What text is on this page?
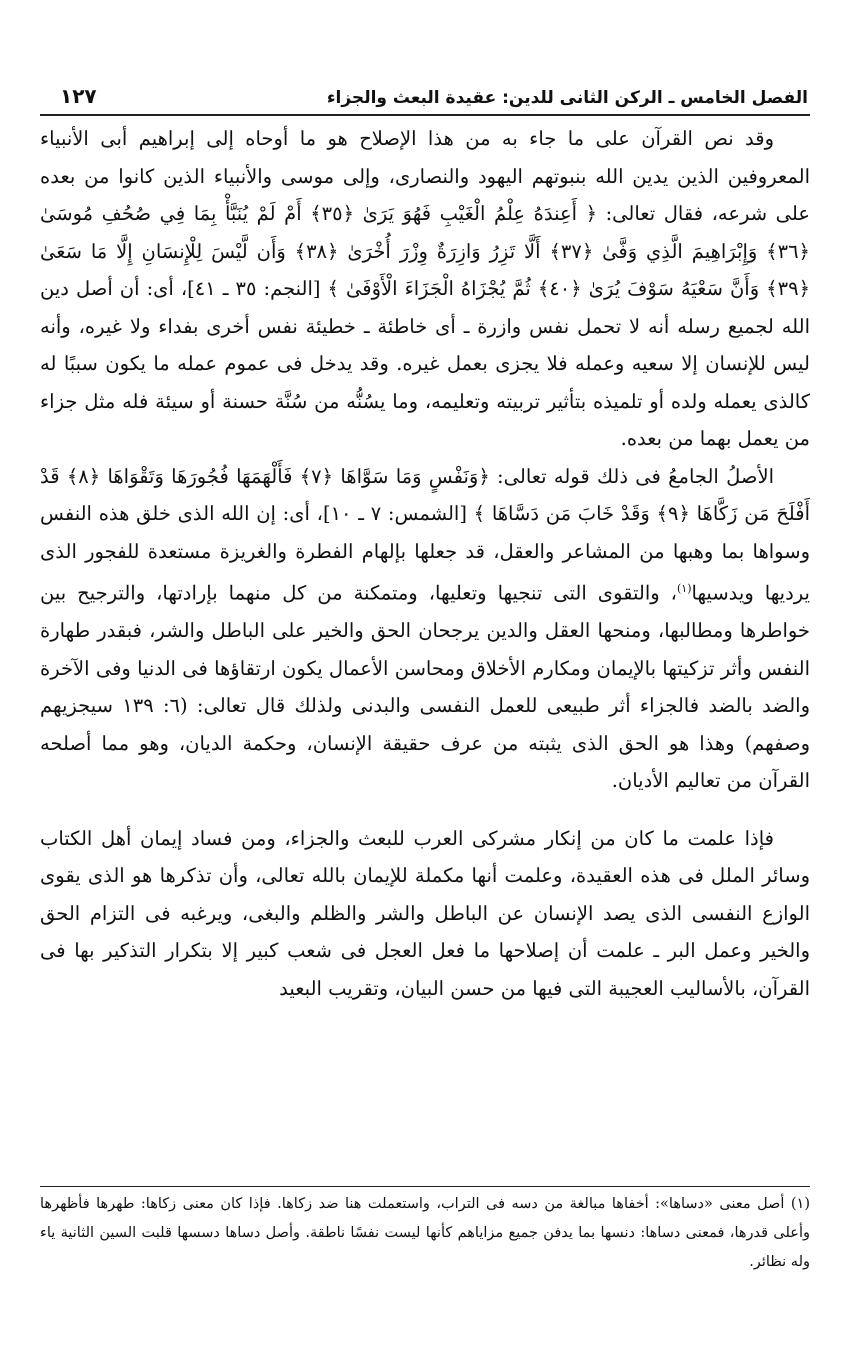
الفصل الخامس ـ الركن الثانى للدين: عقيدة البعث والجزاء
١٢٧

وقد نص القرآن على ما جاء به من هذا الإصلاح هو ما أوحاه إلى إبراهيم أبى الأنبياء المعروفين الذين يدين الله بنبوتهم اليهود والنصارى، وإلى موسى والأنبياء الذين كانوا من بعده على شرعه، فقال تعالى: ﴿ أَعِندَهُ عِلْمُ الْغَيْبِ فَهُوَ يَرَىٰ ﴿٣٥﴾ أَمْ لَمْ يُنَبَّأْ بِمَا فِي صُحُفِ مُوسَىٰ ﴿٣٦﴾ وَإِبْرَاهِيمَ الَّذِي وَفَّىٰ ﴿٣٧﴾ أَلَّا تَزِرُ وَازِرَةٌ وِزْرَ أُخْرَىٰ ﴿٣٨﴾ وَأَن لَّيْسَ لِلْإِنسَانِ إِلَّا مَا سَعَىٰ ﴿٣٩﴾ وَأَنَّ سَعْيَهُ سَوْفَ يُرَىٰ ﴿٤٠﴾ ثُمَّ يُجْزَاهُ الْجَزَاءَ الْأَوْفَىٰ ﴾ [النجم: ٣٥ ـ ٤١]، أى: أن أصل دين الله لجميع رسله أنه لا تحمل نفس وازرة ـ أى خاطئة ـ خطيئة نفس أخرى بفداء ولا غيره، وأنه ليس للإنسان إلا سعيه وعمله فلا يجزى بعمل غيره. وقد يدخل فى عموم عمله ما يكون سببًا له كالذى يعمله ولده أو تلميذه بتأثير تربيته وتعليمه، وما يسُنُّه من سُنَّة حسنة أو سيئة فله مثل جزاء من يعمل بهما من بعده.

الأصلُ الجامعُ فى ذلك قوله تعالى: ﴿وَنَفْسٍ وَمَا سَوَّاهَا ﴿٧﴾ فَأَلْهَمَهَا فُجُورَهَا وَتَقْوَاهَا ﴿٨﴾ قَدْ أَفْلَحَ مَن زَكَّاهَا ﴿٩﴾ وَقَدْ خَابَ مَن دَسَّاهَا ﴾ [الشمس: ٧ ـ ١٠]، أى: إن الله الذى خلق هذه النفس وسواها بما وهبها من المشاعر والعقل، قد جعلها بإلهام الفطرة والغريزة مستعدة للفجور الذى يرديها ويدسيها$^{(١)}$، والتقوى التى تنجيها وتعليها، ومتمكنة من كل منهما بإرادتها، والترجيح بين خواطرها ومطالبها، ومنحها العقل والدين يرجحان الحق والخير على الباطل والشر، فبقدر طهارة النفس وأثر تزكيتها بالإيمان ومكارم الأخلاق ومحاسن الأعمال يكون ارتقاؤها فى الدنيا وفى الآخرة والضد بالضد فالجزاء أثر طبيعى للعمل النفسى والبدنى ولذلك قال تعالى: (٦: ١٣٩ سيجزيهم وصفهم) وهذا هو الحق الذى يثبته من عرف حقيقة الإنسان، وحكمة الديان، وهو مما أصلحه القرآن من تعاليم الأديان.

فإذا علمت ما كان من إنكار مشركى العرب للبعث والجزاء، ومن فساد إيمان أهل الكتاب وسائر الملل فى هذه العقيدة، وعلمت أنها مكملة للإيمان بالله تعالى، وأن تذكرها هو الذى يقوى الوازع النفسى الذى يصد الإنسان عن الباطل والشر والظلم والبغى، ويرغبه فى التزام الحق والخير وعمل البر ـ علمت أن إصلاحها ما فعل العجل فى شعب كبير إلا بتكرار التذكير بها فى القرآن، بالأساليب العجيبة التى فيها من حسن البيان، وتقريب البعيد

(١) أصل معنى «دساها»: أخفاها مبالغة من دسه فى التراب، واستعملت هنا ضد زكاها. فإذا كان معنى زكاها: طهرها فأظهرها وأعلى قدرها، فمعنى دساها: دنسها بما يدفن جميع مزاياهم كأنها ليست نفسًا ناطقة. وأصل دساها دسسها قلبت السين الثانية ياء وله نظائر.
